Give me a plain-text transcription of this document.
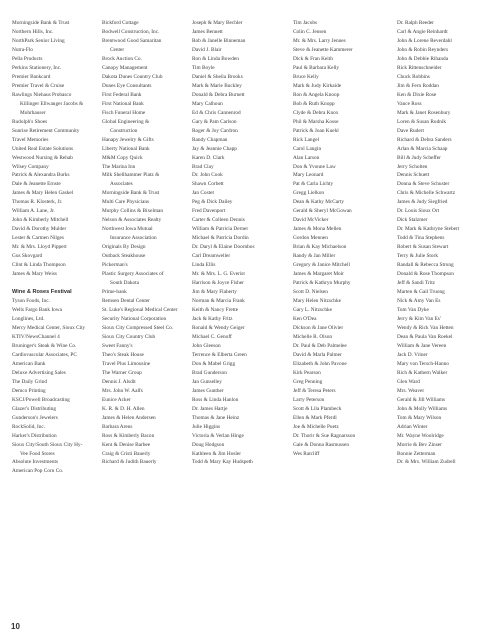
Morningside Bank & Trust
Northern Hills, Inc.
NorthPark Senior Living
Nutra-Flo
Pella Products
Perkins Stationery, Inc.
Premier Bankcard
Premier Travel & Cruise
Rawlings Niehaus Probasco
Killinger Ellwanger Jacobs &
Mohrhauser
Rudolph's Shoes
Sunrise Retirement Community
Travel Memories
United Real Estate Solutions
Westwood Nursing & Rehab
Wilsey Company
Patrick & Alexandra Burks
Dale & Jeanette Ernste
James & Mary Helen Gaskel
Thomas R. Klosterk, Jr.
William A. Lane, Jr.
John & Kimberly Mitchell
David & Dorothy Mulder
Lester & Carmen Nilges
Mr. & Mrs. Lloyd Pippert
Gus Skovgard
Clint & Linda Thompson
James & Mary Weiss
Wine & Roses Festival
Tyson Foods, Inc.
Wells Fargo Bank Iowa
Longlines, Ltd.
Mercy Medical Center, Sioux City
KTIV/NewsChannel 4
Bruninger's Steak & Wine Co.
Cardiovascular Associates, PC
American Bank
Deluxe Advertising Sales
The Daily Grind
Demco Printing
KSCJ/Powell Broadcasting
Glazer's Distributing
Gunderson's Jewelers
RockSolid, Inc.
Harker's Distribution
Sioux City/South Sioux City Hy-
Vee Food Stores
Absolute Investments
American Pop Corn Co.
Bickford Cottage
Bodwell Construction, Inc.
Brentwood Good Samaritan
Center
Brock Auction Co.
Canopy Management
Dakota Dunes Country Club
Dunes Eye Consultants
First Federal Bank
First National Bank
Fisch Funeral Home
Global Engineering &
Construction
Hanapy Jewelry & Gifts
Liberty National Bank
M&M Copy Quick
The Marina Inn
Milk Shellhammer Piatz &
Associates
Morningside Bank & Trust
Multi Care Physicians
Murphy Collins & Bixelman
Nelson & Associates Realty
Northwest Iowa Mutual
Insurance Association
Originals By Design
Outback Steakhouse
Pickerman's
Plastic Surgery Associates of
South Dakota
Prime-bank
Remsen Dental Center
St. Luke's Regional Medical Center
Security National Corporation
Sioux City Compressed Steel Co.
Sioux City Country Club
Sweet Fanny's
Theo's Steak House
Travel Plus Limousine
The Warner Group
Dennis J. Alsdit
Mrs. John W. Aalfs
Eunice Acker
K. R. & D. H. Allen
James & Helen Andersen
Barbara Arens
Ross & Kimberly Bacon
Kent & Denise Barbee
Craig & Cristi Bauerly
Richard & Judith Bauerly
Joseph & Mary Bechler
James Bennett
Rob & Janelle Binneman
David J. Blair
Ron & Linda Bowden
Tim Boyle
Daniel & Sheila Brooks
Mark & Marie Buckley
Donald & Debra Burnett
Mary Calhoun
Ed & Chris Cannenrod
Gary & Pam Carlson
Roger & Joy Cardron
Randy Chapman
Jay & Jeannie Chapp
Karen D. Clark
Brad Clay
Dr. John Cook
Shawn Corbett
Jan Costet
Peg & Dick Dailey
Fred Davenport
Carter & Colleen Dennis
William & Patricia Derner
Michael & Patricia Dordin
Dr. Daryl & Elaine Doornbos
Carl Dreamweller
Linda Ellis
Mr. & Mrs. L. G. Everist
Harrison & Joyce Fisher
Jim & Mary Flaherty
Norman & Marcia Frank
Keith & Nancy Frette
Jack & Kathy Fritz
Ronald & Wendy Geiger
Michael C. Genoff
John Gleeson
Terrence & Elberta Green
Don & Mabel Grigg
Brad Gunderson
Jan Gunselley
James Gunther
Ross & Linda Hanlon
Dr. James Hartje
Thomas & Jane Heinz
Julie Higgins
Victoria & Verlan Hinge
Doug Hodgson
Kathleen & Jim Hosler
Todd & Mary Kay Hudspeth
Tim Jacobs
Colin C. Jensen
Mr. & Mrs. Larry Jennes
Steve & Jeanette Kammerer
Dick & Fran Keith
Paul & Barbara Kelly
Bruce Kelly
Mark & Judy Kirkaide
Ron & Angela Knoop
Bob & Ruth Knopp
Clyde & Debra Knox
Phil & Marsha Kosse
Patrick & Joan Kuehl
Rick Langel
Carol Langin
Alan Larson
Don & Yvonne Law
Mary Leonard
Pat & Carla Lichty
Gregg Lielkon
Dean & Kathy McCarty
Gerald & Sheryl McGowan
David McVicker
James & Mona Mellen
Gordon Mennen
Brian & Kay Michaelson
Randy & Jan Miller
Gregory & Janice Mitchell
James & Margaret Moir
Patrick & Kathryn Murphy
Scott D. Nielsen
Mary Helen Nitzschke
Gary L. Nitzschke
Ken O'Dea
Dickson & Jane Olivier
Michelle R. Olson
Dr. Paul & Deb Palmelee
David & Marla Palmer
Elizabeth & John Pavone
Kirk Pearson
Greg Penning
Jeff & Teresa Peters
Larry Peterson
Scott & Lila Plambeck
Ellen & Mark Pferdl
Joe & Michelle Puetz
Dr. Thorir & Sue Ragnarsson
Gale & Donna Rasmussen
Wes Ratcliff
Dr. Ralph Reeder
Carl & Angie Reinhardt
John & Lorene Reverdahl
John & Robin Reynders
John & Debbie Rihanda
Rick Rittenschneider
Chuck Robbins
Jim & Fern Roddan
Ken & Dixie Rose
Vance Ross
Mark & Janet Rosenbury
Loren & Susan Rudnik
Dave Rudert
Richard & Debra Sanders
Arlan & Marcia Schaap
Bill & Judy Scheffer
Jerry Scholten
Dennis Schuett
Donna & Steve Schuster
Chris & Michelle Schwartz
James & Judy Siegfried
Dr. Louis Sioux Ort
Dick Stalzmer
Dr. Mark & Kathryne Stebert
Todd & Tina Stephens
Robert & Susan Stewart
Terry & Julie Stork
Randall & Rebecca Strong
Donald & Rose Thompson
Jeff & Sandi Tritz
Marten & Gail Truong
Nick & Amy Van Es
Tom Van Dyke
Jerry & Kim Van Es'
Wendy & Rick Van Hetten
Dean & Paula Van Roekel
William & Jane Vereen
Jack D. Vriner
Mary von Tersch-Hanno
Rich & Kathern Walker
Glen Ward
Mrs. Weaver
Gerald & Jill Williams
John & Molly Williams
Tom & Mary Wilson
Adrian Winter
Mr. Wayne Woolridge
Morrie & Bev Zinser
Bonnie Zetterman
Dr. & Mrs. William Zudrell
10
